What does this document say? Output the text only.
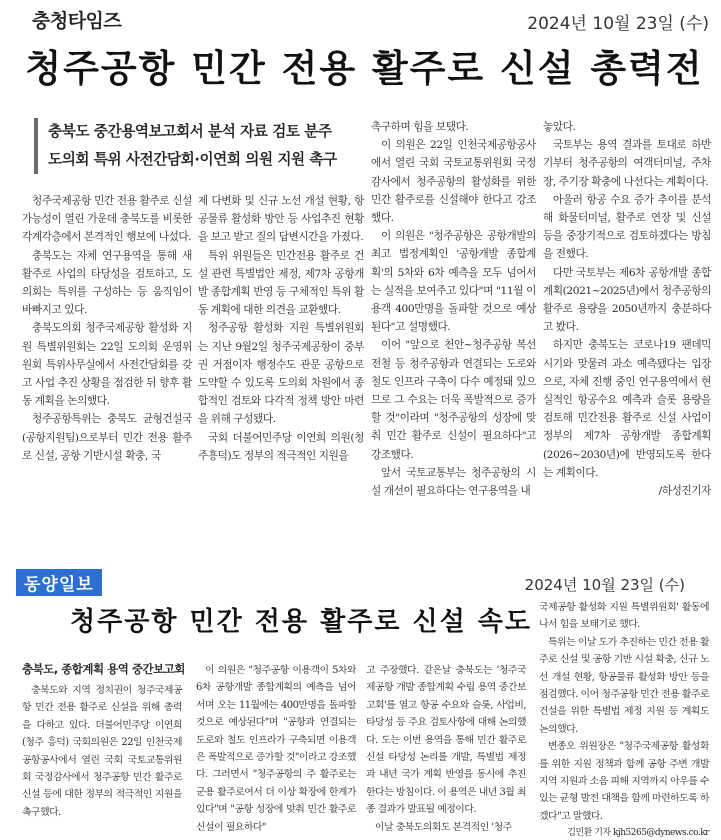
충청타임즈	2024년 10월 23일 (수)
청주공항 민간 전용 활주로 신설 총력전
충북도 중간용역보고회서 분석 자료 검토 분주
도의회 특위 사전간담회·이연희 의원 지원 촉구

청주국제공항 민간 전용 활주로 신설 가능성이 열린 가운데 충북도를 비롯한 각계각층에서 본격적인 행보에 나섰다.

충북도는 자체 연구용역을 통해 새 활주로 사업의 타당성을 검토하고, 도의회는 특위를 구성하는 등 움직임이 바빠지고 있다.

충북도의회 청주국제공항 활성화 지원 특별위원회는 22일 도의회 운영위원회 특위사무실에서 사전간담회를 갖고 사업 추진 상황을 점검한 뒤 향후 활동 계획을 논의했다.

청주공항특위는 충북도 균형건설국(공항지원팀)으로부터 민간 전용 활주로 신설, 공항 기반시설 확충, 국

제 다변화 및 신규 노선 개설 현황, 항공물류 활성화 방안 등 사업추진 현황을 보고 받고 질의 답변시간을 가졌다.

특위 위원들은 민간전용 활주로 건설 관련 특별법안 제정, 제7차 공항개발 종합계획 반영 등 구체적인 특위 활동 계획에 대한 의견을 교환했다.

청주공항 활성화 지원 특별위원회는 지난 9월2일 청주국제공항이 중부권 거점이자 행정수도 관문 공항으로 도약할 수 있도록 도의회 차원에서 종합적인 검토와 다각적 정책 방안 마련을 위해 구성됐다.

국회 더불어민주당 이연희 의원(청주흥덕)도 정부의 적극적인 지원을

촉구하며 힘을 보탰다.

이 의원은 22일 인천국제공항공사에서 열린 국회 국토교통위원회 국정감사에서 청주공항의 활성화를 위한 민간 활주로를 신설해야 한다고 강조했다.

이 의원은 "청주공항은 공항개발의 최고 법정계획인 '공항개발 종합계획'의 5차와 6차 예측을 모두 넘어서는 실적을 보여주고 있다"며 "11월 이용객 400만명을 돌파할 것으로 예상된다"고 설명했다.

이어 "앞으로 천안~청주공항 복선전철 등 청주공항과 연결되는 도로와 철도 인프라 구축이 다수 예정돼 있으므로 그 수요는 더욱 폭발적으로 증가할 것"이라며 "청주공항의 성장에 맞춰 민간 활주로 신설이 필요하다"고 강조했다.

앞서 국토교통부는 청주공항의 시설 개선이 필요하다는 연구용역을 내

놓았다.

국토부는 용역 결과를 토대로 하반기부터 청주공항의 여객터미널, 주차장, 주기장 확충에 나선다는 계획이다.

아울러 항공 수요 증가 추이를 분석해 화물터미널, 활주로 연장 및 신설 등을 중장기적으로 검토하겠다는 방침을 전했다.

다만 국토부는 제6차 공항개발 종합계획(2021~2025년)에서 청주공항의 활주로 용량을 2050년까지 충분하다고 봤다.

하지만 충북도는 코로나19 팬데믹 시기와 맞물려 과소 예측됐다는 입장으로, 자체 진행 중인 연구용역에서 현실적인 항공수요 예측과 슬롯 용량을 검토해 민간전용 활주로 신설 사업이 정부의 제7차 공항개발 종합계획(2026~2030년)에 반영되도록 한다는 계획이다.

/하성진기자
동양일보	2024년 10월 23일 (수)
청주공항 민간 전용 활주로 신설 속도
충북도, 종합계획 용역 중간보고회

충북도와 지역 정치권이 청주국제공항 민간 전용 활주로 신설을 위해 총력을 다하고 있다. 더불어민주당 이연희(청주 흥덕) 국회의원은 22일 인천국제공항공사에서 열린 국회 국토교통위원회 국정감사에서 청주공항 민간 활주로 신설 등에 대한 정부의 적극적인 지원을 촉구했다.

이 의원은 "청주공항 이용객이 5차와 6차 공항개발 종합계획의 예측을 넘어서며 오는 11월에는 400만명을 돌파할 것으로 예상된다"며 "공항과 연결되는 도로와 철도 인프라가 구축되면 이용객은 폭발적으로 증가할 것"이라고 강조했다. 그러면서 "청주공항의 주 활주로는 군용 활주로여서 더 이상 확장에 한계가 있다"며 "공항 성장에 맞춰 민간 활주로 신설이 필요하다"

고 주장했다. 같은날 충북도는 '청주국제공항 개발 종합계획 수립 용역 중간보고회'를 열고 항공 수요와 슬롯, 사업비, 타당성 등 주요 검토사항에 대해 논의했다. 도는 이번 용역을 통해 민간 활주로 신설 타당성 논리를 개발, 특별법 제정과 내년 국가 계획 반영을 동시에 추진한다는 방침이다. 이 용역은 내년 3월 최종 결과가 발표될 예정이다.

이날 충북도의회도 본격적인 '청주

국제공항 활성화 지원 특별위원회' 활동에 나서 힘을 보태기로 했다.

특위는 이날 도가 추진하는 민간 전용 활주로 신설 및 공항 기반 시설 확충, 신규 노선 개설 현황, 항공물류 활성화 방안 등을 점검했다. 이어 청주공항 민간 전용 활주로 건설을 위한 특별법 제정 지원 등 계획도 논의했다.

변종오 위원장은 "청주국제공항 활성화를 위한 지원 정책과 함께 공항 주변 개발 지역 지원과 소음 피해 지역까지 아우를 수 있는 균형 발전 대책을 함께 마련하도록 하겠다"고 말했다.

김민환 기자 kjh5265@dynews.co.kr
